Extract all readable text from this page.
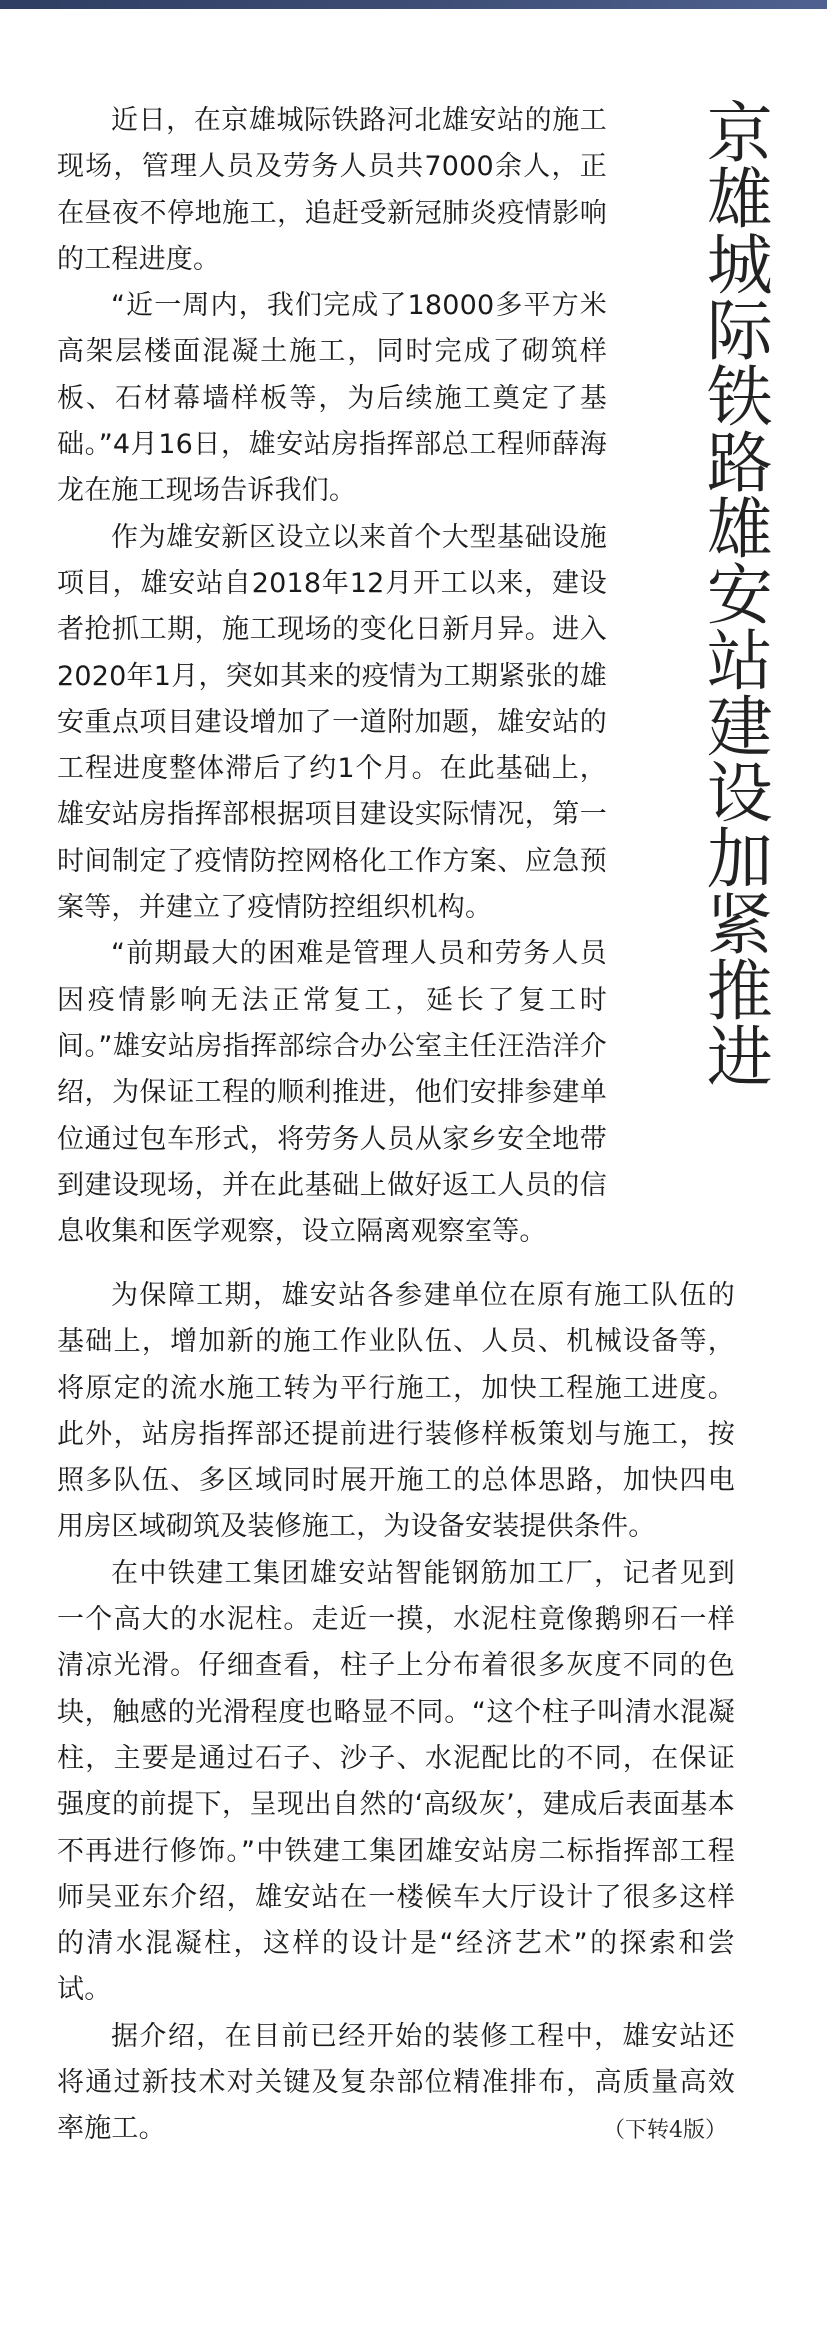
京雄城际铁路雄安站建设加紧推进

近日，在京雄城际铁路河北雄安站的施工现场，管理人员及劳务人员共7000余人，正在昼夜不停地施工，追赶受新冠肺炎疫情影响的工程进度。

“近一周内，我们完成了18000多平方米高架层楼面混凝土施工，同时完成了砌筑样板、石材幕墙样板等，为后续施工奠定了基础。”4月16日，雄安站房指挥部总工程师薛海龙在施工现场告诉我们。

作为雄安新区设立以来首个大型基础设施项目，雄安站自2018年12月开工以来，建设者抢抓工期，施工现场的变化日新月异。进入2020年1月，突如其来的疫情为工期紧张的雄安重点项目建设增加了一道附加题，雄安站的工程进度整体滞后了约1个月。在此基础上，雄安站房指挥部根据项目建设实际情况，第一时间制定了疫情防控网格化工作方案、应急预案等，并建立了疫情防控组织机构。

“前期最大的困难是管理人员和劳务人员因疫情影响无法正常复工，延长了复工时间。”雄安站房指挥部综合办公室主任汪浩洋介绍，为保证工程的顺利推进，他们安排参建单位通过包车形式，将劳务人员从家乡安全地带到建设现场，并在此基础上做好返工人员的信息收集和医学观察，设立隔离观察室等。

为保障工期，雄安站各参建单位在原有施工队伍的基础上，增加新的施工作业队伍、人员、机械设备等，将原定的流水施工转为平行施工，加快工程施工进度。此外，站房指挥部还提前进行装修样板策划与施工，按照多队伍、多区域同时展开施工的总体思路，加快四电用房区域砌筑及装修施工，为设备安装提供条件。

在中铁建工集团雄安站智能钢筋加工厂，记者见到一个高大的水泥柱。走近一摸，水泥柱竟像鹅卵石一样清凉光滑。仔细查看，柱子上分布着很多灰度不同的色块，触感的光滑程度也略显不同。“这个柱子叫清水混凝柱，主要是通过石子、沙子、水泥配比的不同，在保证强度的前提下，呈现出自然的‘高级灰’，建成后表面基本不再进行修饰。”中铁建工集团雄安站房二标指挥部工程师吴亚东介绍，雄安站在一楼候车大厅设计了很多这样的清水混凝柱，这样的设计是“经济艺术”的探索和尝试。

据介绍，在目前已经开始的装修工程中，雄安站还将通过新技术对关键及复杂部位精准排布，高质量高效率施工。	（下转4版）
